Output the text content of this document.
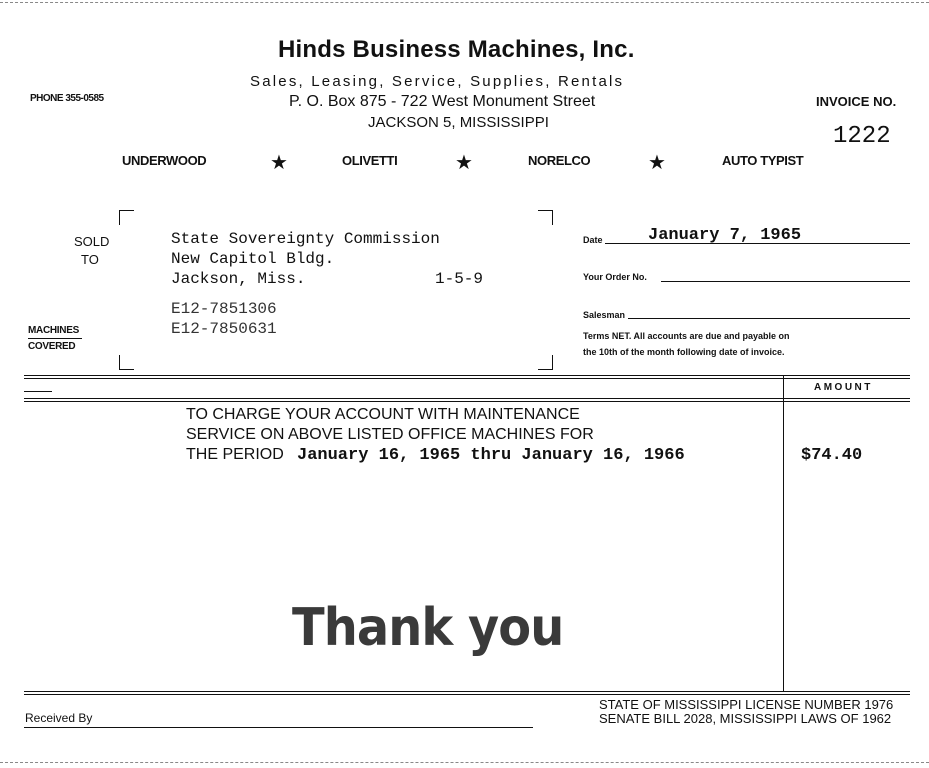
Hinds Business Machines, Inc.
Sales, Leasing, Service, Supplies, Rentals
P. O. Box 875 - 722 West Monument Street
JACKSON 5, MISSISSIPPI
PHONE 355-0585	INVOICE NO.
1222
UNDERWOOD	★	OLIVETTI	★	NORELCO	★	AUTO TYPIST
SOLD
TO
State Sovereignty Commission
New Capitol Bldg.
Jackson, Miss.	1-5-9
E12-7851306
E12-7850631
MACHINES
COVERED
Date	January 7, 1965
Your Order No.
Salesman
Terms NET. All accounts are due and payable on
the 10th of the month following date of invoice.
AMOUNT
TO CHARGE YOUR ACCOUNT WITH MAINTENANCE
SERVICE ON ABOVE LISTED OFFICE MACHINES FOR
THE PERIOD January 16, 1965 thru January 16, 1966	$74.40
Thank you
Received By
STATE OF MISSISSIPPI LICENSE NUMBER 1976
SENATE BILL 2028, MISSISSIPPI LAWS OF 1962
